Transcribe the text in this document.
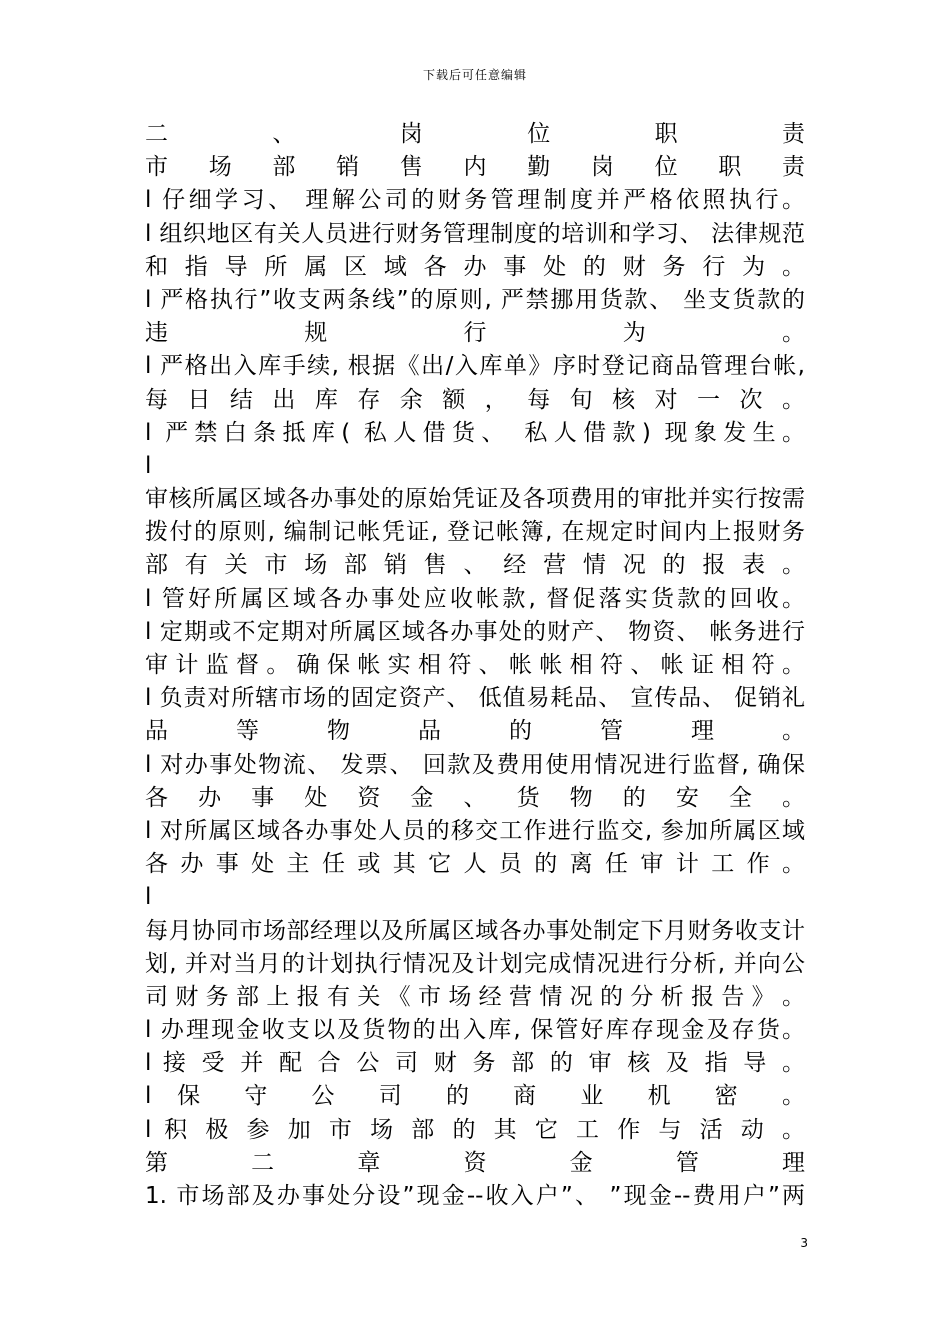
下载后可任意编辑
二 、 岗 位 职 责
市 场 部 销 售 内 勤 岗 位 职 责
l 仔细学习、 理解公司的财务管理制度并严格依照执行。
l 组织地区有关人员进行财务管理制度的培训和学习、 法律规范
和 指 导 所 属 区 域 各 办 事 处 的 财 务 行 为 。
l 严格执行”收支两条线”的原则, 严禁挪用货款、 坐支货款的
违 规 行 为 。
l 严格出入库手续, 根据《出/入库单》序时登记商品管理台帐,
每 日 结 出 库 存 余 额 ， 每 旬 核 对 一 次 。
l 严禁白条抵库( 私人借货、 私人借款) 现象发生。
l
审核所属区域各办事处的原始凭证及各项费用的审批并实行按需
拨付的原则, 编制记帐凭证, 登记帐簿, 在规定时间内上报财务
部 有 关 市 场 部 销 售 、 经 营 情 况 的 报 表 。
l 管好所属区域各办事处应收帐款, 督促落实货款的回收。
l 定期或不定期对所属区域各办事处的财产、 物资、 帐务进行
审 计 监 督 。 确 保 帐 实 相 符 、 帐 帐 相 符 、 帐 证 相 符 。
l 负责对所辖市场的固定资产、 低值易耗品、 宣传品、 促销礼
品 等 物 品 的 管 理 。
l 对办事处物流、 发票、 回款及费用使用情况进行监督, 确保
各 办 事 处 资 金 、 货 物 的 安 全 。
l 对所属区域各办事处人员的移交工作进行监交, 参加所属区域
各 办 事 处 主 任 或 其 它 人 员 的 离 任 审 计 工 作 。
l
每月协同市场部经理以及所属区域各办事处制定下月财务收支计
划, 并对当月的计划执行情况及计划完成情况进行分析, 并向公
司 财 务 部 上 报 有 关 《 市 场 经 营 情 况 的 分 析 报 告 》 。
l 办理现金收支以及货物的出入库, 保管好库存现金及存货。
l 接 受 并 配 合 公 司 财 务 部 的 审 核 及 指 导 。
l 保 守 公 司 的 商 业 机 密 。
l 积 极 参 加 市 场 部 的 其 它 工 作 与 活 动 。
第 二 章 资 金 管 理
1. 市场部及办事处分设”现金--收入户”、 ”现金--费用户”两
3
